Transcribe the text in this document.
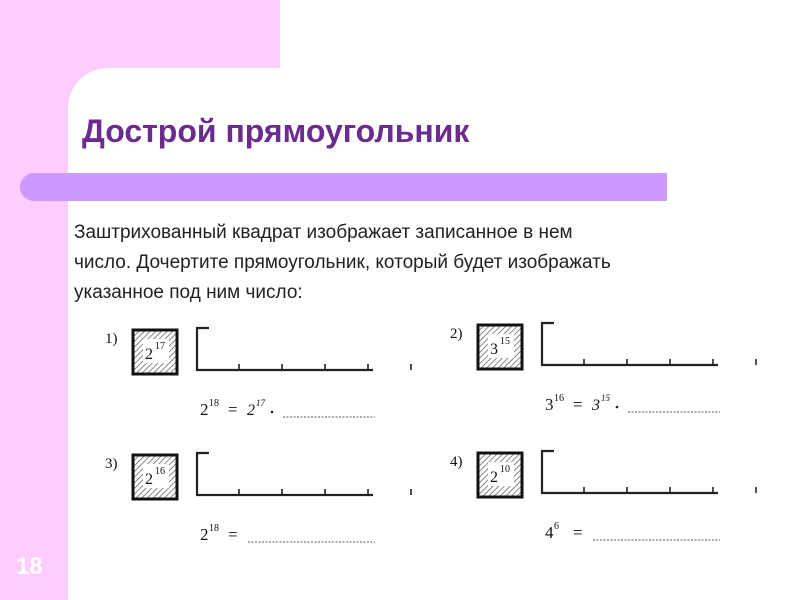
Дострой прямоугольник
Заштрихованный квадрат изображает записанное в нем
число. Дочертите прямоугольник, который будет изображать
указанное под ним число:
18
1)
2 17
2 18 = 2 17
2)
3 15
3 16 = 3 15
3)
2 16
2 18 =
4)
2 10
4 6 =
